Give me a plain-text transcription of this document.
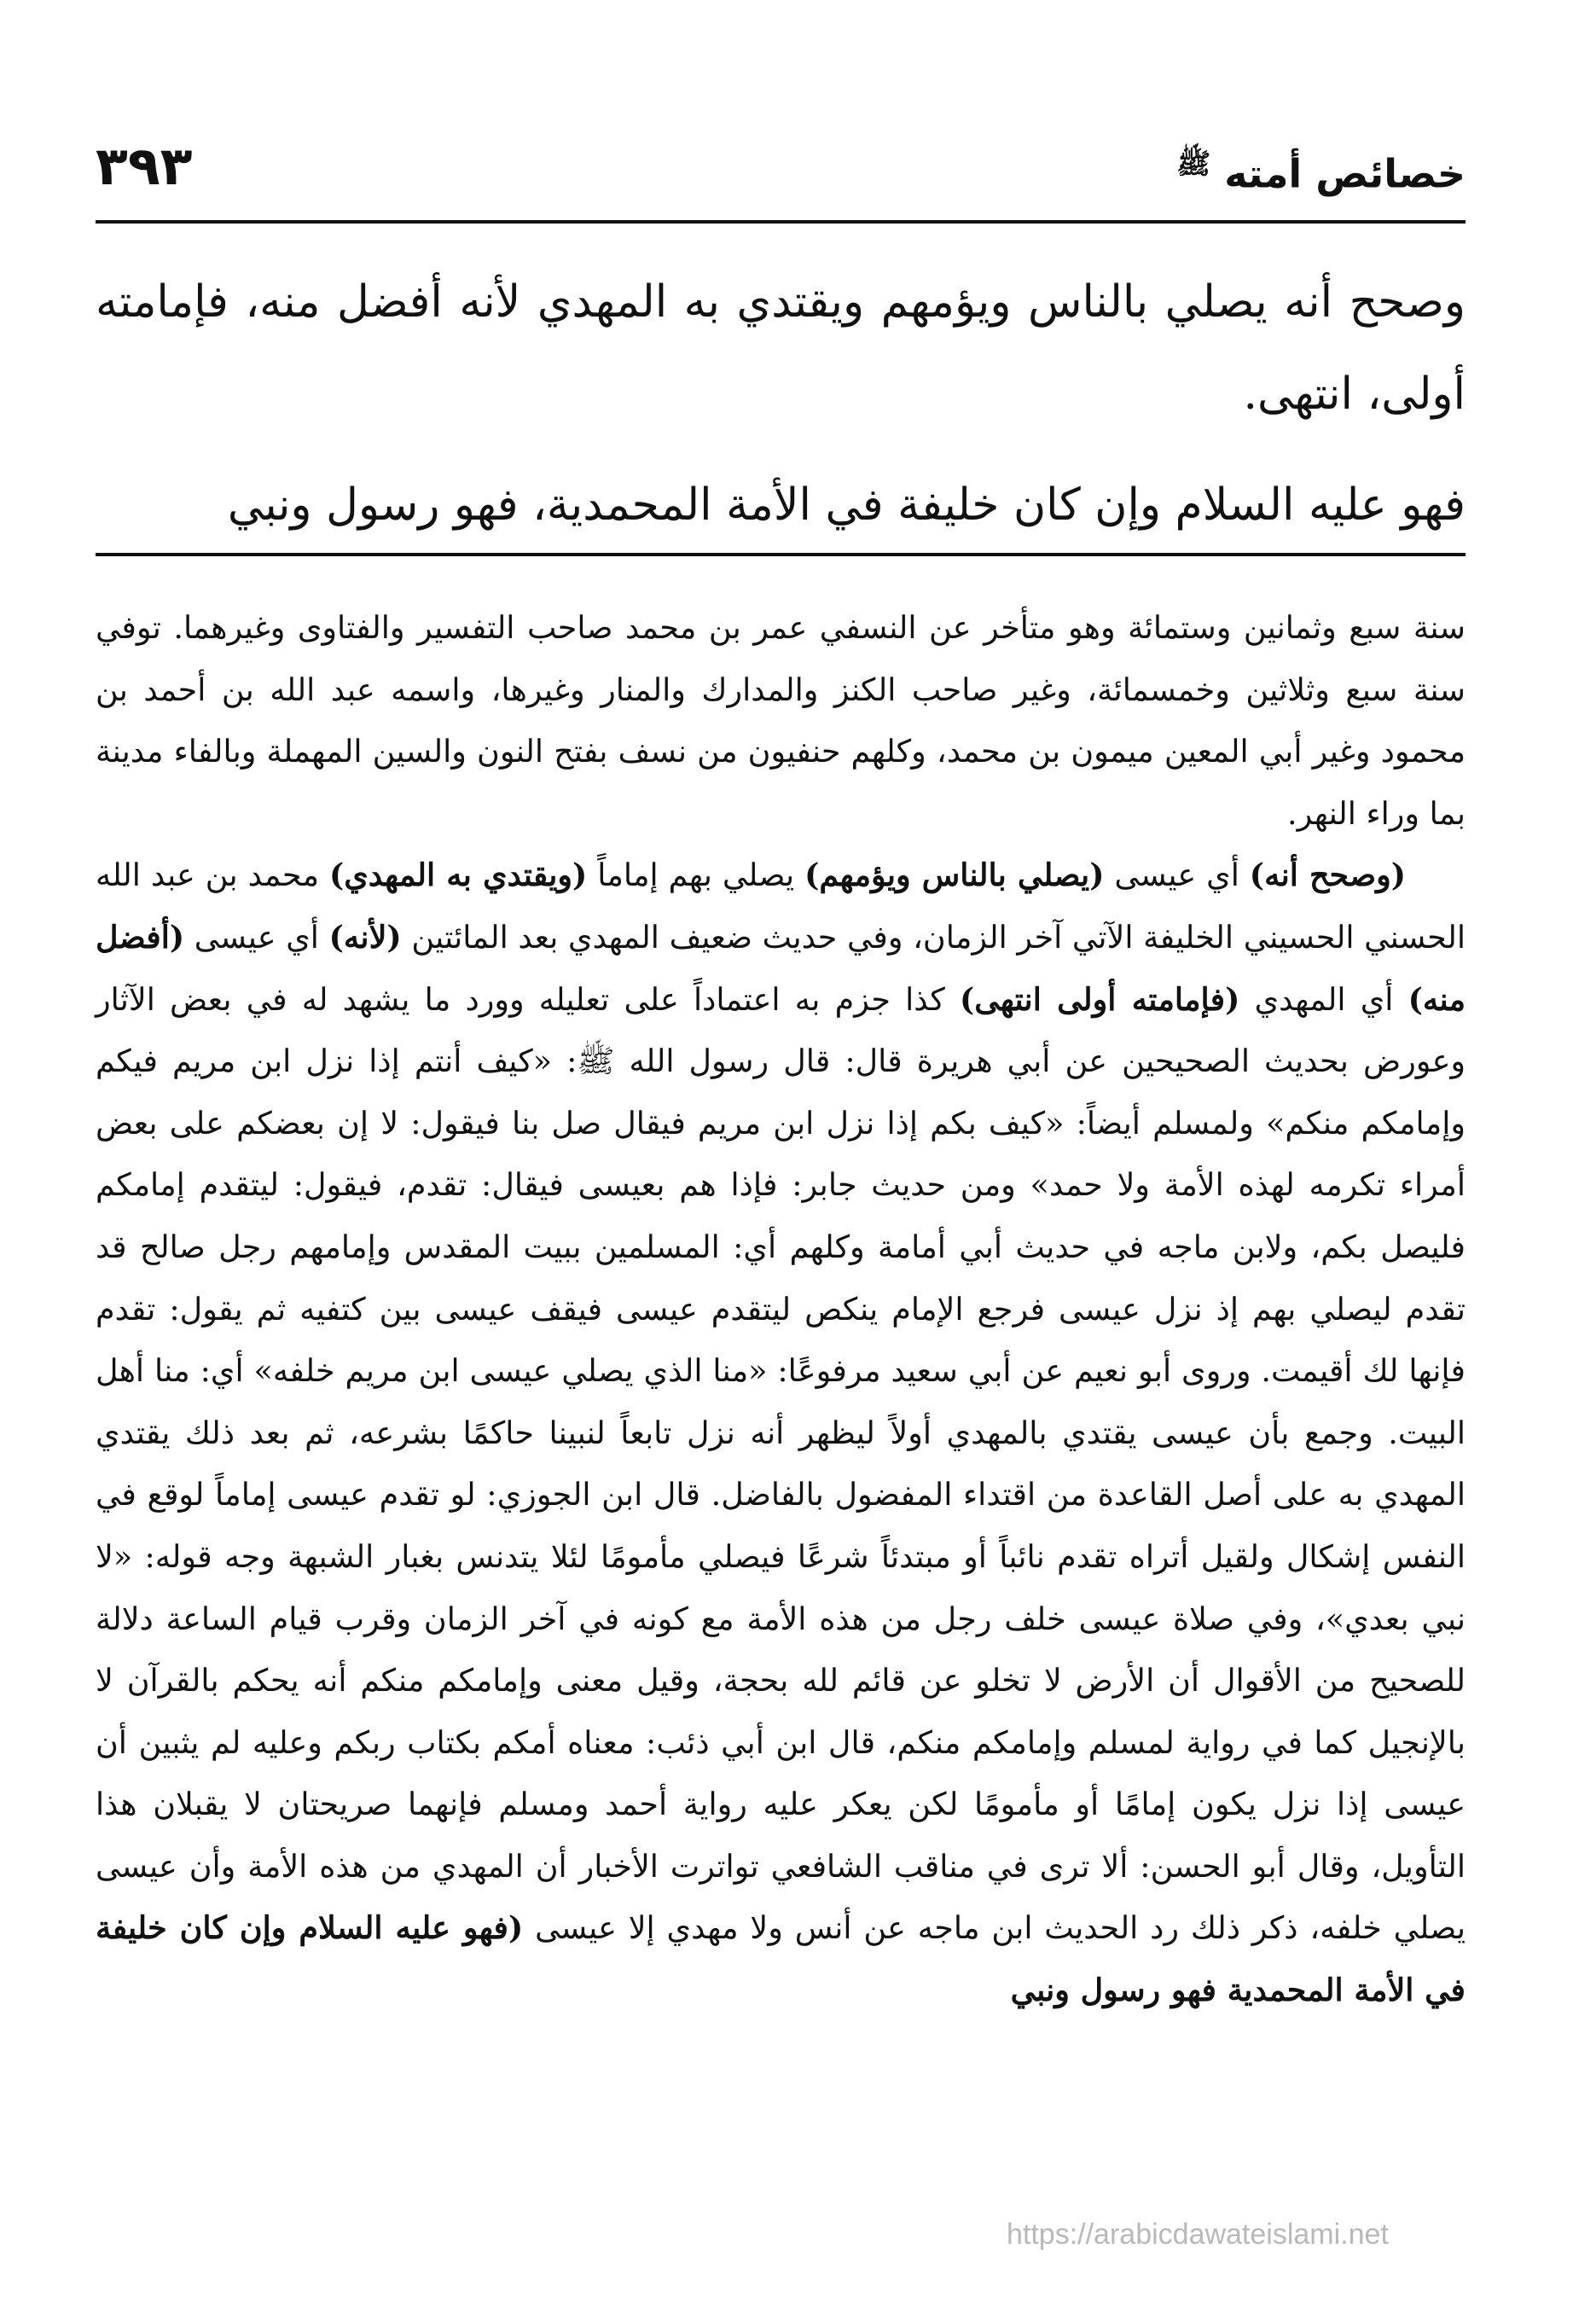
خصائص أمته $^ﷺ$
٣٩٣

وصحح أنه يصلي بالناس ويؤمهم ويقتدي به المهدي لأنه أفضل منه، فإمامته أولى، انتهى.

فهو عليه السلام وإن كان خليفة في الأمة المحمدية، فهو رسول ونبي

سنة سبع وثمانين وستمائة وهو متأخر عن النسفي عمر بن محمد صاحب التفسير والفتاوى وغيرهما. توفي سنة سبع وثلاثين وخمسمائة، وغير صاحب الكنز والمدارك والمنار وغيرها، واسمه عبد الله بن أحمد بن محمود وغير أبي المعين ميمون بن محمد، وكلهم حنفيون من نسف بفتح النون والسين المهملة وبالفاء مدينة بما وراء النهر.

(وصحح أنه) أي عيسى (يصلي بالناس ويؤمهم) يصلي بهم إماماً (ويقتدي به المهدي) محمد بن عبد الله الحسني الحسيني الخليفة الآتي آخر الزمان، وفي حديث ضعيف المهدي بعد المائتين (لأنه) أي عيسى (أفضل منه) أي المهدي (فإمامته أولى انتهى) كذا جزم به اعتماداً على تعليله وورد ما يشهد له في بعض الآثار وعورض بحديث الصحيحين عن أبي هريرة قال: قال رسول الله ﷺ: «كيف أنتم إذا نزل ابن مريم فيكم وإمامكم منكم» ولمسلم أيضاً: «كيف بكم إذا نزل ابن مريم فيقال صل بنا فيقول: لا إن بعضكم على بعض أمراء تكرمه لهذه الأمة ولا حمد» ومن حديث جابر: فإذا هم بعيسى فيقال: تقدم، فيقول: ليتقدم إمامكم فليصل بكم، ولابن ماجه في حديث أبي أمامة وكلهم أي: المسلمين ببيت المقدس وإمامهم رجل صالح قد تقدم ليصلي بهم إذ نزل عيسى فرجع الإمام ينكص ليتقدم عيسى فيقف عيسى بين كتفيه ثم يقول: تقدم فإنها لك أقيمت. وروى أبو نعيم عن أبي سعيد مرفوعًا: «منا الذي يصلي عيسى ابن مريم خلفه» أي: منا أهل البيت. وجمع بأن عيسى يقتدي بالمهدي أولاً ليظهر أنه نزل تابعاً لنبينا حاكمًا بشرعه، ثم بعد ذلك يقتدي المهدي به على أصل القاعدة من اقتداء المفضول بالفاضل. قال ابن الجوزي: لو تقدم عيسى إماماً لوقع في النفس إشكال ولقيل أتراه تقدم نائباً أو مبتدئاً شرعًا فيصلي مأمومًا لئلا يتدنس بغبار الشبهة وجه قوله: «لا نبي بعدي»، وفي صلاة عيسى خلف رجل من هذه الأمة مع كونه في آخر الزمان وقرب قيام الساعة دلالة للصحيح من الأقوال أن الأرض لا تخلو عن قائم لله بحجة، وقيل معنى وإمامكم منكم أنه يحكم بالقرآن لا بالإنجيل كما في رواية لمسلم وإمامكم منكم، قال ابن أبي ذئب: معناه أمكم بكتاب ربكم وعليه لم يثبين أن عيسى إذا نزل يكون إمامًا أو مأمومًا لكن يعكر عليه رواية أحمد ومسلم فإنهما صريحتان لا يقبلان هذا التأويل، وقال أبو الحسن: ألا ترى في مناقب الشافعي تواترت الأخبار أن المهدي من هذه الأمة وأن عيسى يصلي خلفه، ذكر ذلك رد الحديث ابن ماجه عن أنس ولا مهدي إلا عيسى (فهو عليه السلام وإن كان خليفة في الأمة المحمدية فهو رسول ونبي

https://arabicdawateislami.net
